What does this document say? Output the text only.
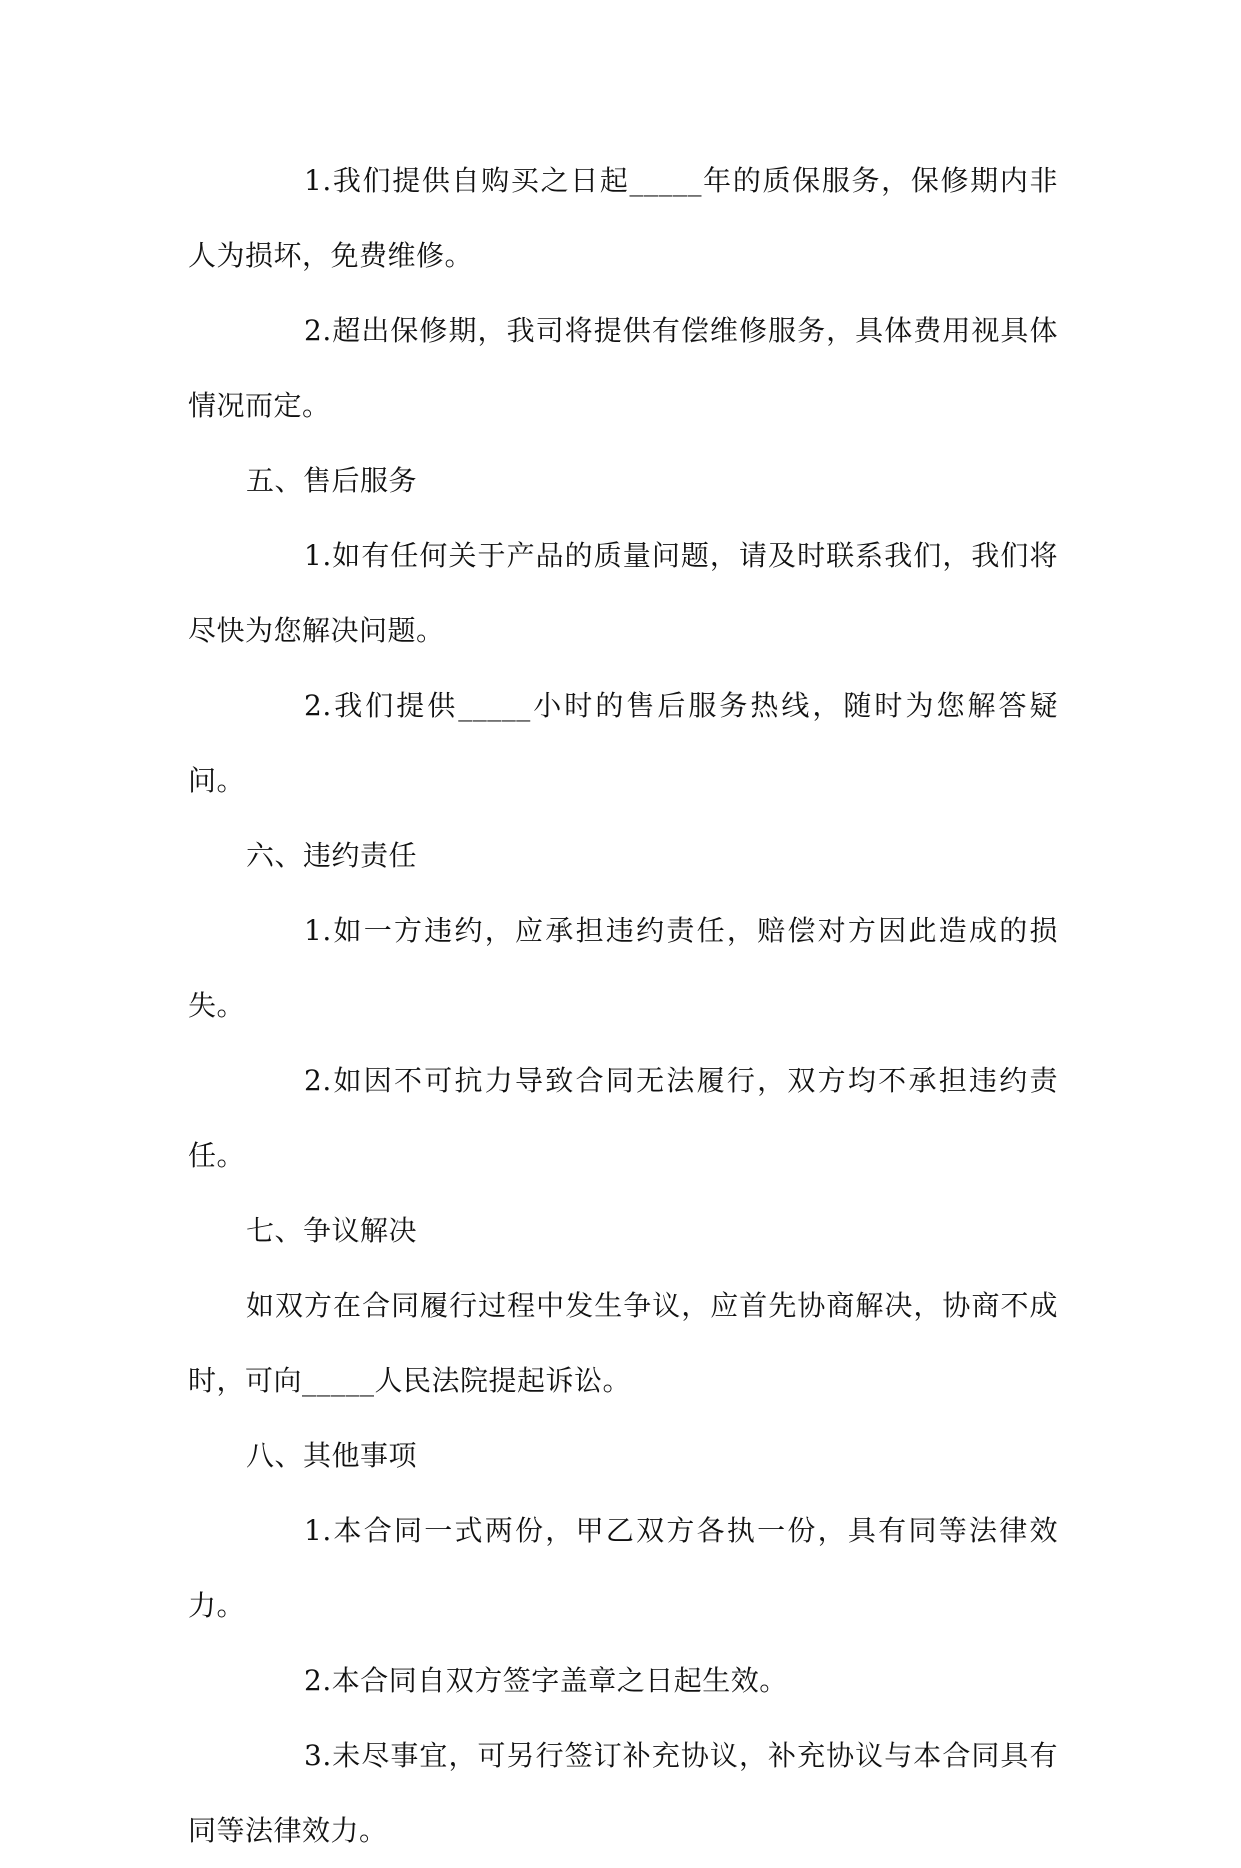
1.我们提供自购买之日起_____年的质保服务，保修期内非人为损坏，免费维修。

2.超出保修期，我司将提供有偿维修服务，具体费用视具体情况而定。

五、售后服务

1.如有任何关于产品的质量问题，请及时联系我们，我们将尽快为您解决问题。

2.我们提供_____小时的售后服务热线，随时为您解答疑问。

六、违约责任

1.如一方违约，应承担违约责任，赔偿对方因此造成的损失。

2.如因不可抗力导致合同无法履行，双方均不承担违约责任。

七、争议解决

如双方在合同履行过程中发生争议，应首先协商解决，协商不成时，可向_____人民法院提起诉讼。

八、其他事项

1.本合同一式两份，甲乙双方各执一份，具有同等法律效力。

2.本合同自双方签字盖章之日起生效。

3.未尽事宜，可另行签订补充协议，补充协议与本合同具有同等法律效力。
